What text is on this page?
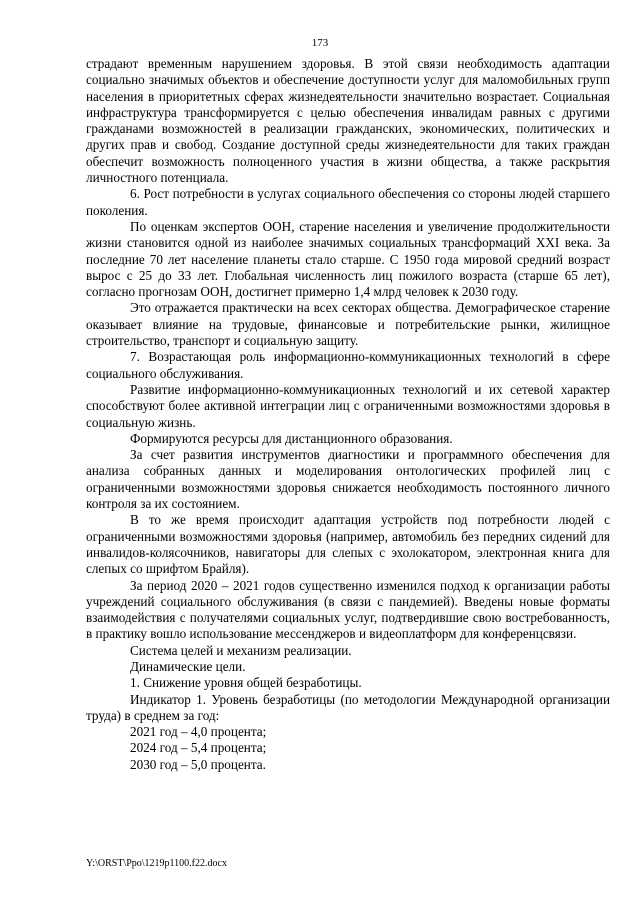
173

страдают временным нарушением здоровья. В этой связи необходимость адаптации социально значимых объектов и обеспечение доступности услуг для маломобильных групп населения в приоритетных сферах жизнедеятельности значительно возрастает. Социальная инфраструктура трансформируется с целью обеспечения инвалидам равных с другими гражданами возможностей в реализации гражданских, экономических, политических и других прав и свобод. Создание доступной среды жизнедеятельности для таких граждан обеспечит возможность полноценного участия в жизни общества, а также раскрытия личностного потенциала.

6. Рост потребности в услугах социального обеспечения со стороны людей старшего поколения.

По оценкам экспертов ООН, старение населения и увеличение продолжительности жизни становится одной из наиболее значимых социальных трансформаций XXI века. За последние 70 лет население планеты стало старше. С 1950 года мировой средний возраст вырос с 25 до 33 лет. Глобальная численность лиц пожилого возраста (старше 65 лет), согласно прогнозам ООН, достигнет примерно 1,4 млрд человек к 2030 году.

Это отражается практически на всех секторах общества. Демографическое старение оказывает влияние на трудовые, финансовые и потребительские рынки, жилищное строительство, транспорт и социальную защиту.

7. Возрастающая роль информационно-коммуникационных технологий в сфере социального обслуживания.

Развитие информационно-коммуникационных технологий и их сетевой характер способствуют более активной интеграции лиц с ограниченными возможностями здоровья в социальную жизнь.

Формируются ресурсы для дистанционного образования.

За счет развития инструментов диагностики и программного обеспечения для анализа собранных данных и моделирования онтологических профилей лиц с ограниченными возможностями здоровья снижается необходимость постоянного личного контроля за их состоянием.

В то же время происходит адаптация устройств под потребности людей с ограниченными возможностями здоровья (например, автомобиль без передних сидений для инвалидов-колясочников, навигаторы для слепых с эхолокатором, электронная книга для слепых со шрифтом Брайля).

За период 2020 – 2021 годов существенно изменился подход к организации работы учреждений социального обслуживания (в связи с пандемией). Введены новые форматы взаимодействия с получателями социальных услуг, подтвердившие свою востребованность, в практику вошло использование мессенджеров и видеоплатформ для конференцсвязи.

Система целей и механизм реализации.

Динамические цели.

1. Снижение уровня общей безработицы.

Индикатор 1. Уровень безработицы (по методологии Международной организации труда) в среднем за год:

2021 год – 4,0 процента;

2024 год – 5,4 процента;

2030 год – 5,0 процента.

Y:\ORST\Ppo\1219p1100.f22.docx
